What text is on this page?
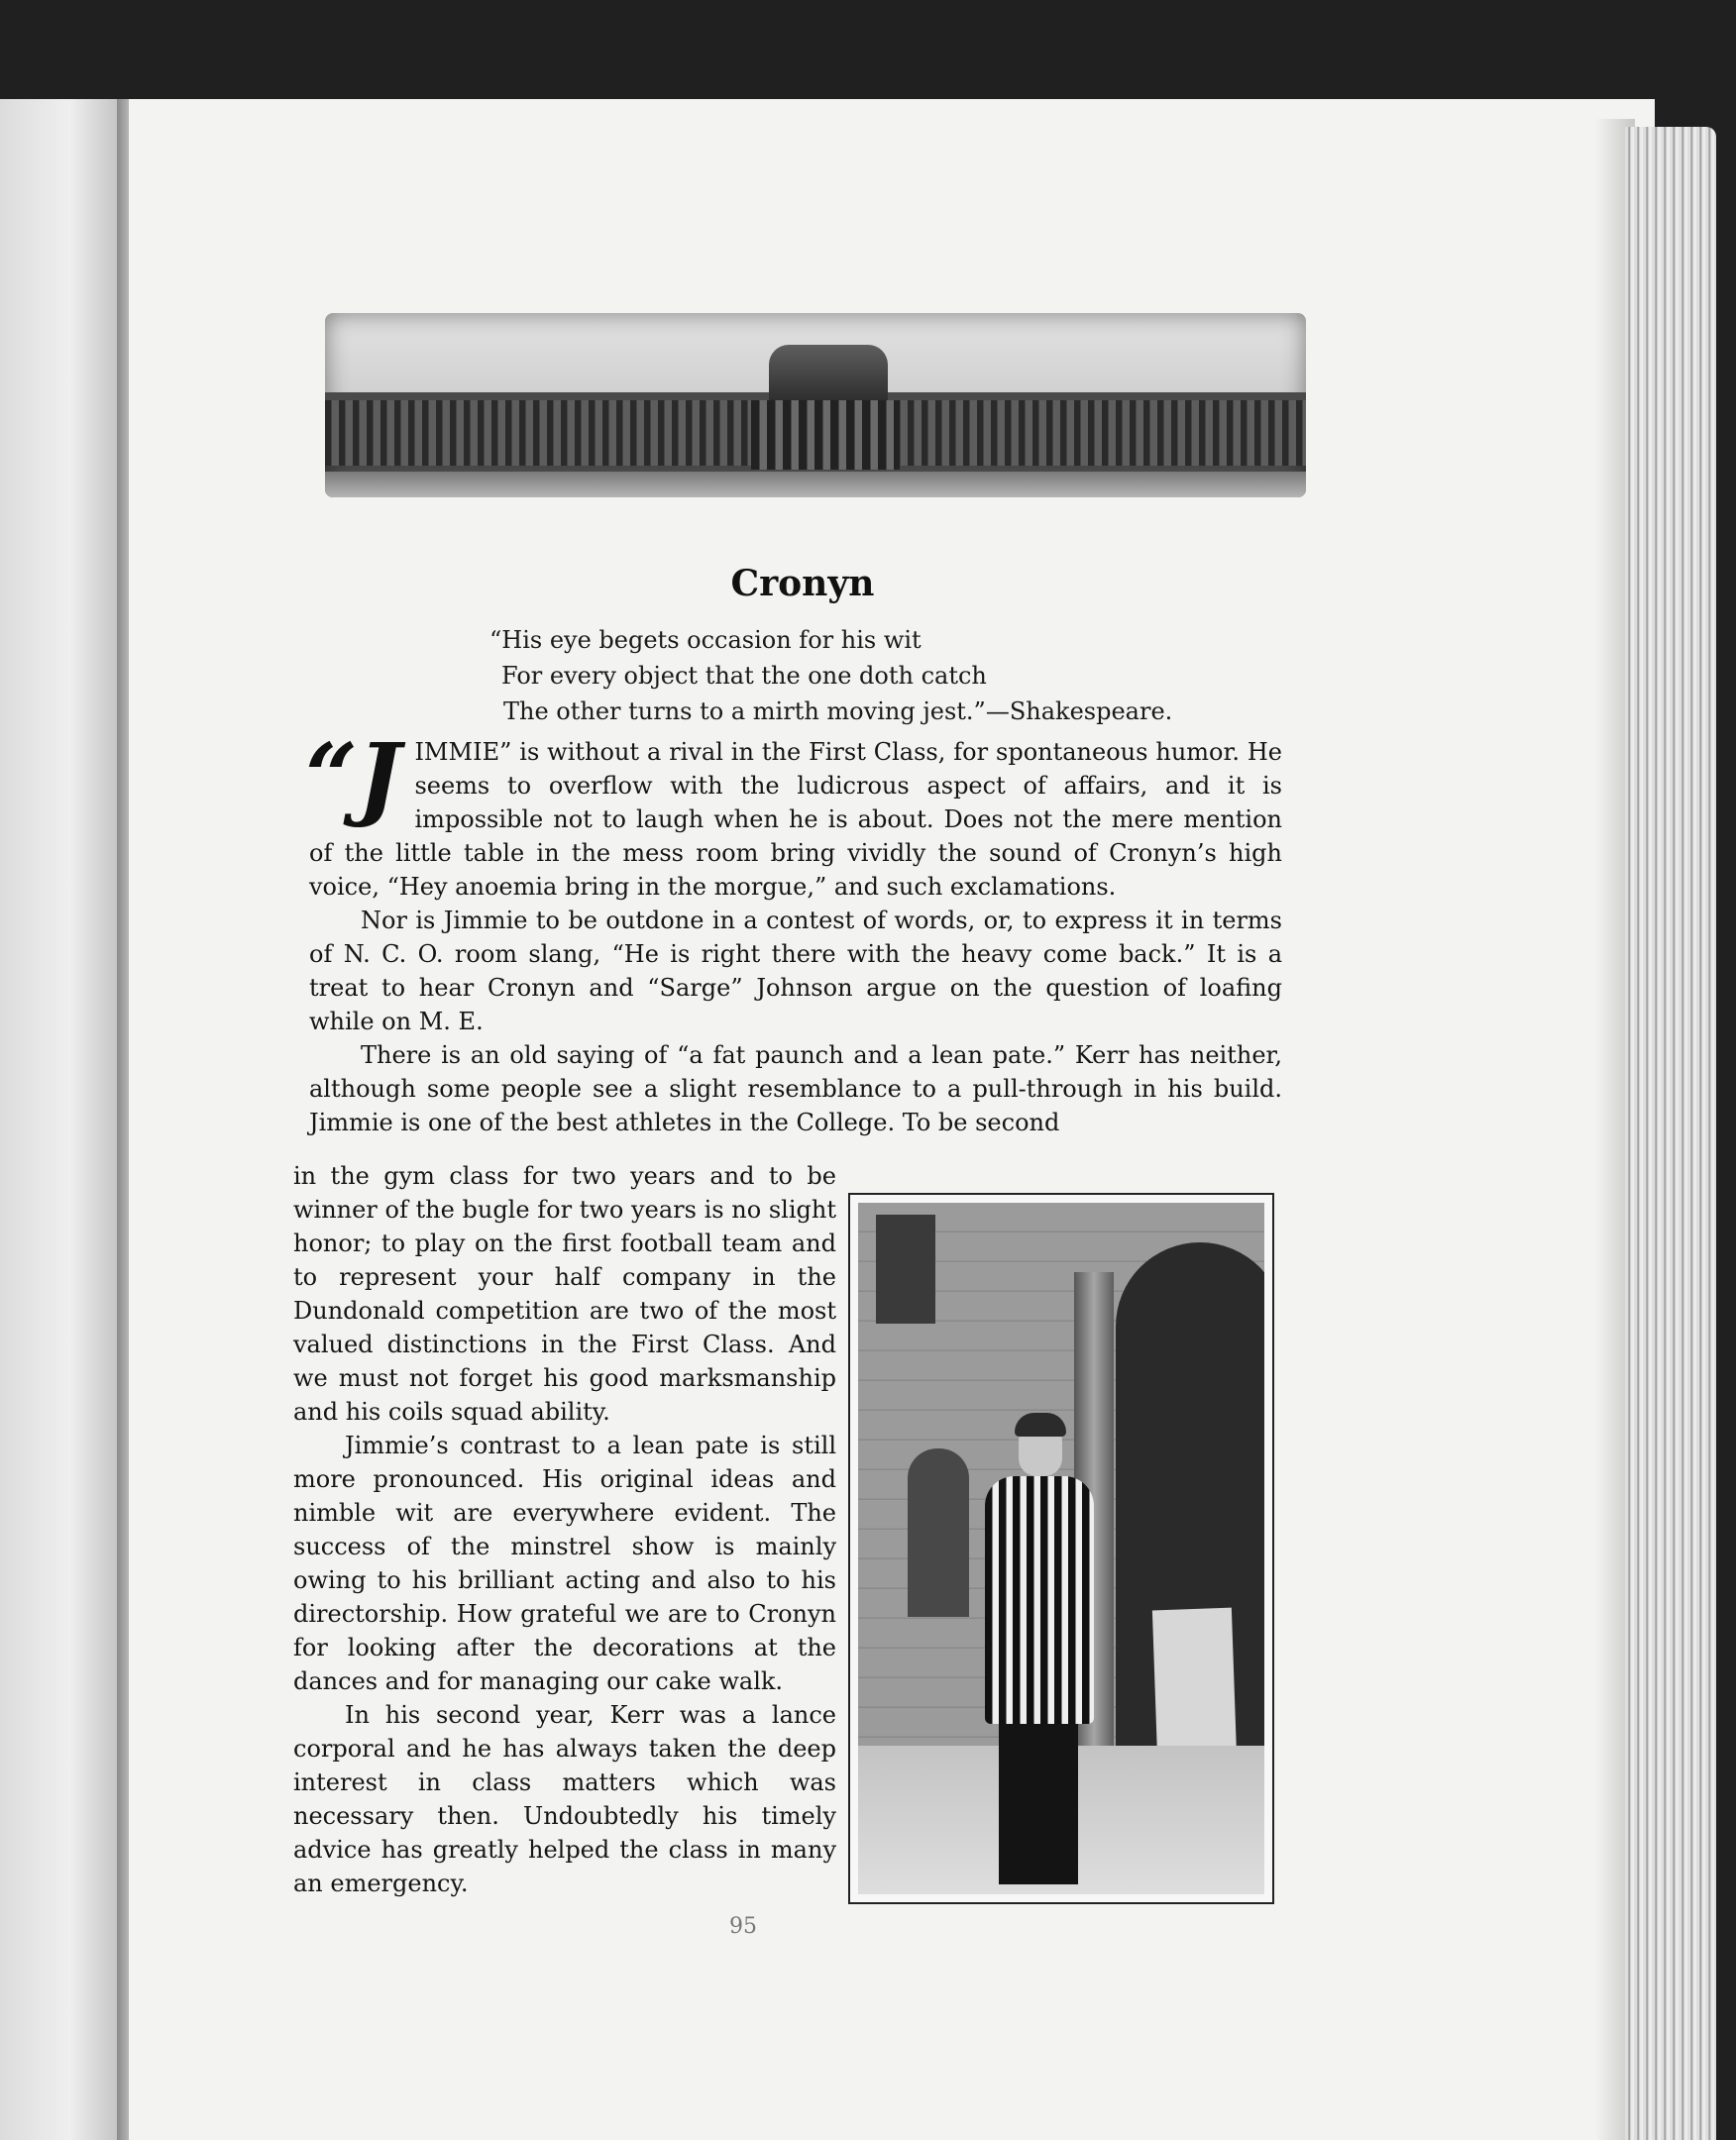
Cronyn
“His eye begets occasion for his wit
For every object that the one doth catch
The other turns to a mirth moving jest.”—Shakespeare.

“JIMMIE” is without a rival in the First Class, for spontaneous humor. He seems to overflow with the ludicrous aspect of affairs, and it is impossible not to laugh when he is about. Does not the mere mention of the little table in the mess room bring vividly the sound of Cronyn’s high voice, “Hey anoemia bring in the morgue,” and such exclamations.

Nor is Jimmie to be outdone in a contest of words, or, to express it in terms of N. C. O. room slang, “He is right there with the heavy come back.” It is a treat to hear Cronyn and “Sarge” Johnson argue on the question of loafing while on M. E.

There is an old saying of “a fat paunch and a lean pate.” Kerr has neither, although some people see a slight resemblance to a pull-through in his build. Jimmie is one of the best athletes in the College. To be second

in the gym class for two years and to be winner of the bugle for two years is no slight honor; to play on the first football team and to represent your half company in the Dundonald competition are two of the most valued distinctions in the First Class. And we must not forget his good marksmanship and his coils squad ability.

Jimmie’s contrast to a lean pate is still more pronounced. His original ideas and nimble wit are everywhere evident. The success of the minstrel show is mainly owing to his brilliant acting and also to his directorship. How grateful we are to Cronyn for looking after the decorations at the dances and for managing our cake walk.

In his second year, Kerr was a lance corporal and he has always taken the deep interest in class matters which was necessary then. Undoubtedly his timely advice has greatly helped the class in many an emergency.

95
